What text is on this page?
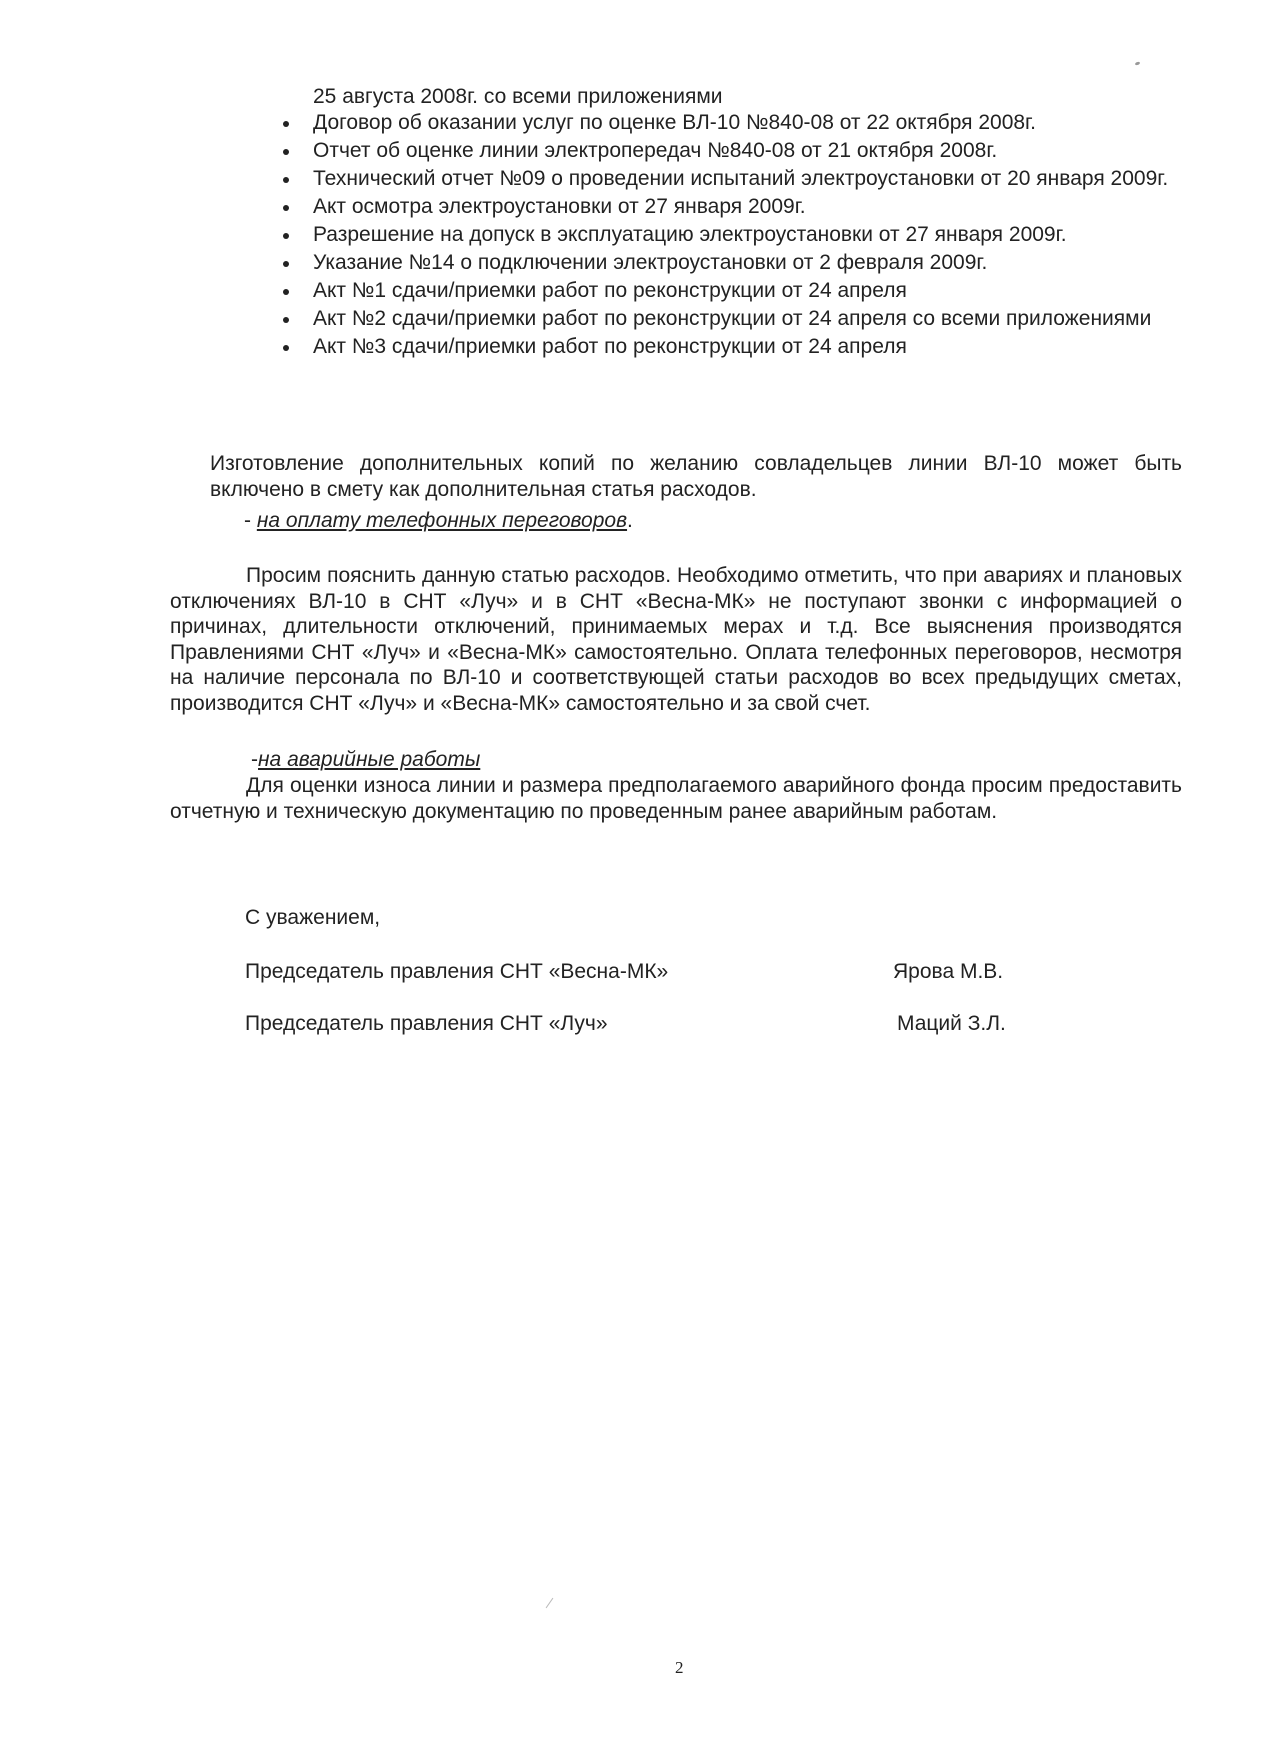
25 августа 2008г. со всеми приложениями

Договор об оказании услуг по оценке ВЛ-10 №840-08 от 22 октября 2008г.
Отчет об оценке линии электропередач №840-08 от 21 октября 2008г.
Технический отчет №09 о проведении испытаний электроустановки от 20 января 2009г.
Акт осмотра электроустановки от 27 января 2009г.
Разрешение на допуск в эксплуатацию электроустановки от 27 января 2009г.
Указание №14 о подключении электроустановки от 2 февраля 2009г.
Акт №1 сдачи/приемки работ по реконструкции от 24 апреля
Акт №2 сдачи/приемки работ по реконструкции от 24 апреля со всеми приложениями
Акт №3 сдачи/приемки работ по реконструкции от 24 апреля

Изготовление дополнительных копий по желанию совладельцев линии ВЛ-10 может быть включено в смету как дополнительная статья расходов.

- на оплату телефонных переговоров.

Просим пояснить данную статью расходов. Необходимо отметить, что при авариях и плановых отключениях ВЛ-10 в СНТ «Луч» и в СНТ «Весна-МК» не поступают звонки с информацией о причинах, длительности отключений, принимаемых мерах и т.д. Все выяснения производятся Правлениями СНТ «Луч» и «Весна-МК» самостоятельно. Оплата телефонных переговоров, несмотря на наличие персонала по ВЛ-10 и соответствующей статьи расходов во всех предыдущих сметах, производится СНТ «Луч» и «Весна-МК» самостоятельно и за свой счет.

-на аварийные работы

Для оценки износа линии и размера предполагаемого аварийного фонда просим предоставить отчетную и техническую документацию по проведенным ранее аварийным работам.

С уважением,

Председатель правления СНТ «Весна-МК»	Ярова М.В.

Председатель правления СНТ «Луч»	Маций З.Л.

2
